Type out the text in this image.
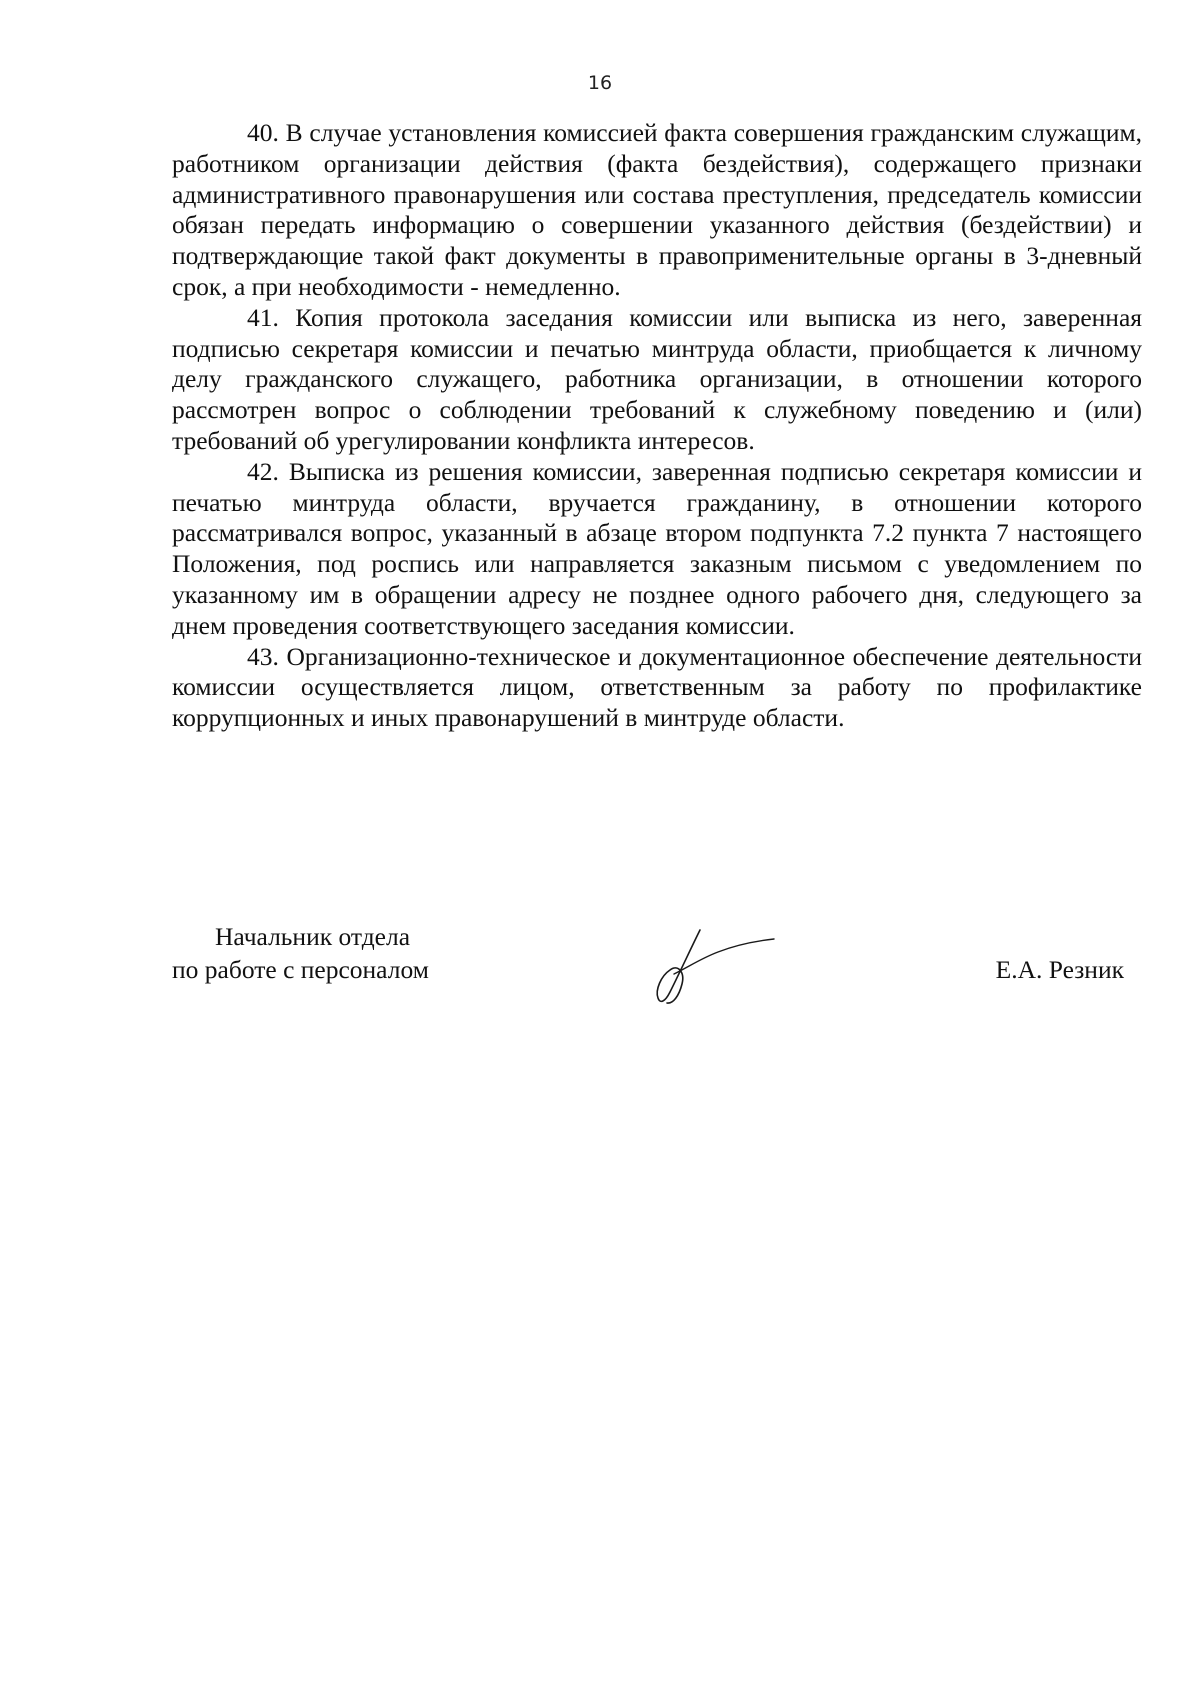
16

40. В случае установления комиссией факта совершения гражданским служащим, работником организации действия (факта бездействия), содержащего признаки административного правонарушения или состава преступления, председатель комиссии обязан передать информацию о совершении указанного действия (бездействии) и подтверждающие такой факт документы в правоприменительные органы в 3-дневный срок, а при необходимости - немедленно.

41. Копия протокола заседания комиссии или выписка из него, заверенная подписью секретаря комиссии и печатью минтруда области, приобщается к личному делу гражданского служащего, работника организации, в отношении которого рассмотрен вопрос о соблюдении требований к служебному поведению и (или) требований об урегулировании конфликта интересов.

42. Выписка из решения комиссии, заверенная подписью секретаря комиссии и печатью минтруда области, вручается гражданину, в отношении которого рассматривался вопрос, указанный в абзаце втором подпункта 7.2 пункта 7 настоящего Положения, под роспись или направляется заказным письмом с уведомлением по указанному им в обращении адресу не позднее одного рабочего дня, следующего за днем проведения соответствующего заседания комиссии.

43. Организационно-техническое и документационное обеспечение деятельности комиссии осуществляется лицом, ответственным за работу по профилактике коррупционных и иных правонарушений в минтруде области.

Начальник отдела
по работе с персоналом	Е.А. Резник
